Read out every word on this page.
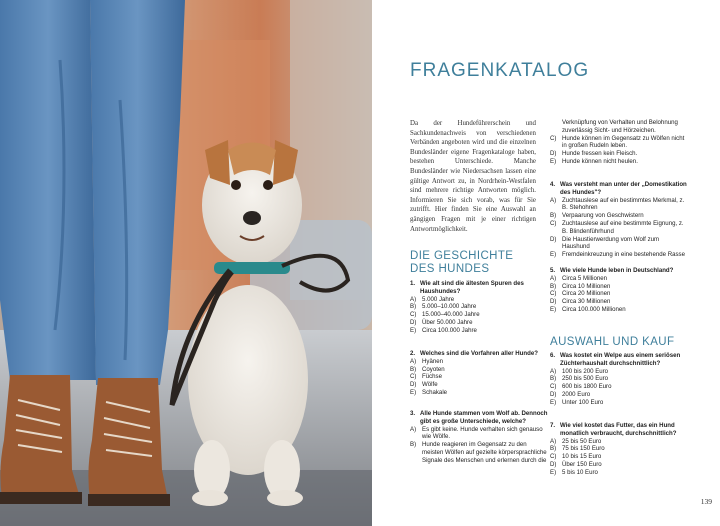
FRAGENKATALOG

Da der Hundeführerschein und Sachkundenachweis von verschiedenen Verbänden angeboten wird und die einzelnen Bundesländer eigene Fragenkataloge haben, bestehen Unterschiede. Manche Bundesländer wie Niedersachsen lassen eine gültige Antwort zu, in Nordrhein-Westfalen sind mehrere richtige Antworten möglich. Informieren Sie sich vorab, was für Sie zutrifft. Hier finden Sie eine Auswahl an gängigen Fragen mit je einer richtigen Antwortmöglichkeit.

DIE GESCHICHTE DES HUNDES
1. Wie alt sind die ältesten Spuren des Haushundes?
A) 5.000 Jahre
B) 5.000–10.000 Jahre
C) 15.000–40.000 Jahre
D) Über 50.000 Jahre
E) Circa 100.000 Jahre
2. Welches sind die Vorfahren aller Hunde?
A) Hyänen
B) Coyoten
C) Füchse
D) Wölfe
E) Schakale
3. Alle Hunde stammen vom Wolf ab. Dennoch gibt es große Unterschiede, welche?
A) Es gibt keine. Hunde verhalten sich genauso wie Wölfe.
B) Hunde reagieren im Gegensatz zu den meisten Wölfen auf gezielte körpersprachliche Signale des Menschen und erlernen durch die
Verknüpfung von Verhalten und Belohnung zuverlässig Sicht- und Hörzeichen.
C) Hunde können im Gegensatz zu Wölfen nicht in großen Rudeln leben.
D) Hunde fressen kein Fleisch.
E) Hunde können nicht heulen.
4. Was versteht man unter der „Domestikation des Hundes"?
A) Zuchtauslese auf ein bestimmtes Merkmal, z. B. Stehohren
B) Verpaarung von Geschwistern
C) Zuchtauslese auf eine bestimmte Eignung, z. B. Blindenführhund
D) Die Haustierwerdung vom Wolf zum Haushund
E) Fremdeinkreuzung in eine bestehende Rasse
5. Wie viele Hunde leben in Deutschland?
A) Circa 5 Millionen
B) Circa 10 Millionen
C) Circa 20 Millionen
D) Circa 30 Millionen
E) Circa 100.000 Millionen
AUSWAHL UND KAUF
6. Was kostet ein Welpe aus einem seriösen Züchterhaushalt durchschnittlich?
A) 100 bis 200 Euro
B) 250 bis 500 Euro
C) 600 bis 1800 Euro
D) 2000 Euro
E) Unter 100 Euro
7. Wie viel kostet das Futter, das ein Hund monatlich verbraucht, durchschnittlich?
A) 25 bis 50 Euro
B) 75 bis 150 Euro
C) 10 bis 15 Euro
D) Über 150 Euro
E) 5 bis 10 Euro
139
